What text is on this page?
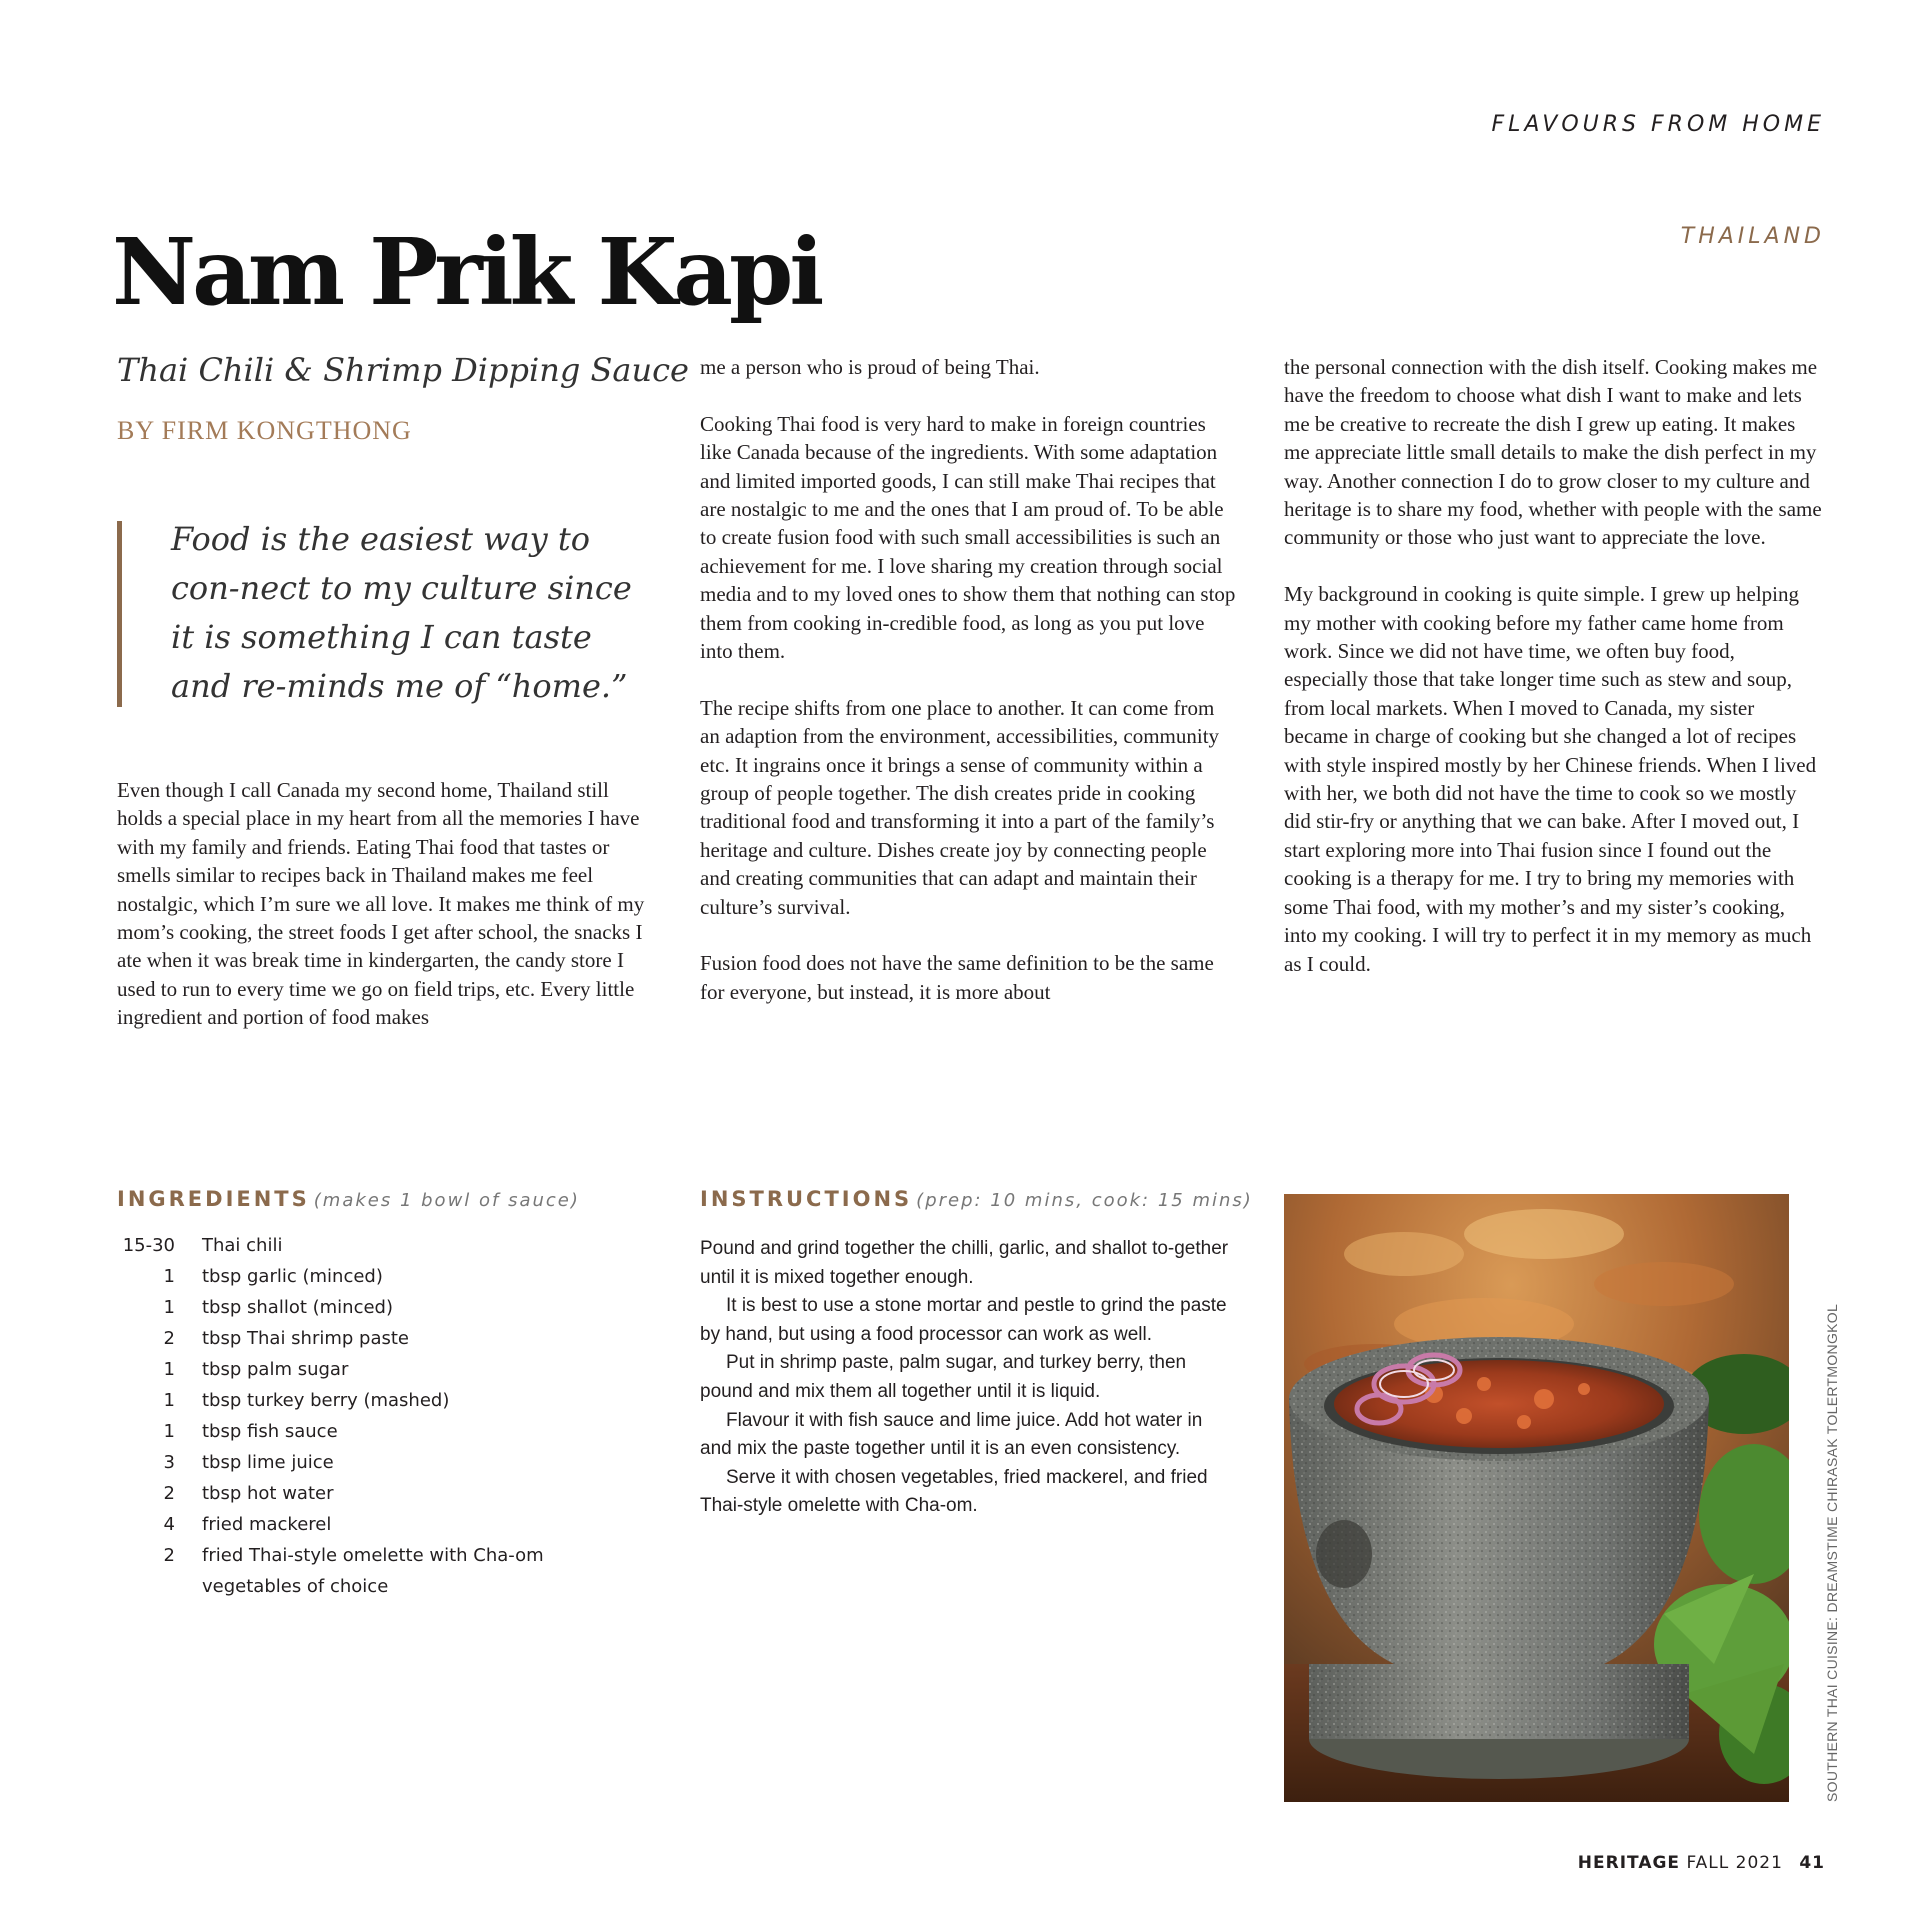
FLAVOURS FROM HOME
THAILAND
Nam Prik Kapi
Thai Chili & Shrimp Dipping Sauce
BY FIRM KONGTHONG
Food is the easiest way to con-nect to my culture since it is something I can taste and re-minds me of “home.”

Even though I call Canada my second home, Thailand still holds a special place in my heart from all the memories I have with my family and friends. Eating Thai food that tastes or smells similar to recipes back in Thailand makes me feel nostalgic, which I’m sure we all love. It makes me think of my mom’s cooking, the street foods I get after school, the snacks I ate when it was break time in kindergarten, the candy store I used to run to every time we go on field trips, etc. Every little ingredient and portion of food makes

me a person who is proud of being Thai.

Cooking Thai food is very hard to make in foreign countries like Canada because of the ingredients. With some adaptation and limited imported goods, I can still make Thai recipes that are nostalgic to me and the ones that I am proud of. To be able to create fusion food with such small accessibilities is such an achievement for me. I love sharing my creation through social media and to my loved ones to show them that nothing can stop them from cooking in-credible food, as long as you put love into them.

The recipe shifts from one place to another. It can come from an adaption from the environment, accessibilities, community etc. It ingrains once it brings a sense of community within a group of people together. The dish creates pride in cooking traditional food and transforming it into a part of the family’s heritage and culture. Dishes create joy by connecting people and creating communities that can adapt and maintain their culture’s survival.

Fusion food does not have the same definition to be the same for everyone, but instead, it is more about

the personal connection with the dish itself. Cooking makes me have the freedom to choose what dish I want to make and lets me be creative to recreate the dish I grew up eating. It makes me appreciate little small details to make the dish perfect in my way. Another connection I do to grow closer to my culture and heritage is to share my food, whether with people with the same community or those who just want to appreciate the love.

My background in cooking is quite simple. I grew up helping my mother with cooking before my father came home from work. Since we did not have time, we often buy food, especially those that take longer time such as stew and soup, from local markets. When I moved to Canada, my sister became in charge of cooking but she changed a lot of recipes with style inspired mostly by her Chinese friends. When I lived with her, we both did not have the time to cook so we mostly did stir-fry or anything that we can bake. After I moved out, I start exploring more into Thai fusion since I found out the cooking is a therapy for me. I try to bring my memories with some Thai food, with my mother’s and my sister’s cooking, into my cooking. I will try to perfect it in my memory as much as I could.

INGREDIENTS (makes 1 bowl of sauce)
15-30 Thai chili
1 tbsp garlic (minced)
1 tbsp shallot (minced)
2 tbsp Thai shrimp paste
1 tbsp palm sugar
1 tbsp turkey berry (mashed)
1 tbsp fish sauce
3 tbsp lime juice
2 tbsp hot water
4 fried mackerel
2 fried Thai-style omelette with Cha-om
vegetables of choice
INSTRUCTIONS (prep: 10 mins, cook: 15 mins)

Pound and grind together the chilli, garlic, and shallot to-gether until it is mixed together enough.

It is best to use a stone mortar and pestle to grind the paste by hand, but using a food processor can work as well.

Put in shrimp paste, palm sugar, and turkey berry, then pound and mix them all together until it is liquid.

Flavour it with fish sauce and lime juice. Add hot water in and mix the paste together until it is an even consistency.

Serve it with chosen vegetables, fried mackerel, and fried Thai-style omelette with Cha-om.	SOUTHERN THAI CUISINE: DREAMSTIME CHIRASAK TOLERTMONGKOL
HERITAGE FALL 2021 41
